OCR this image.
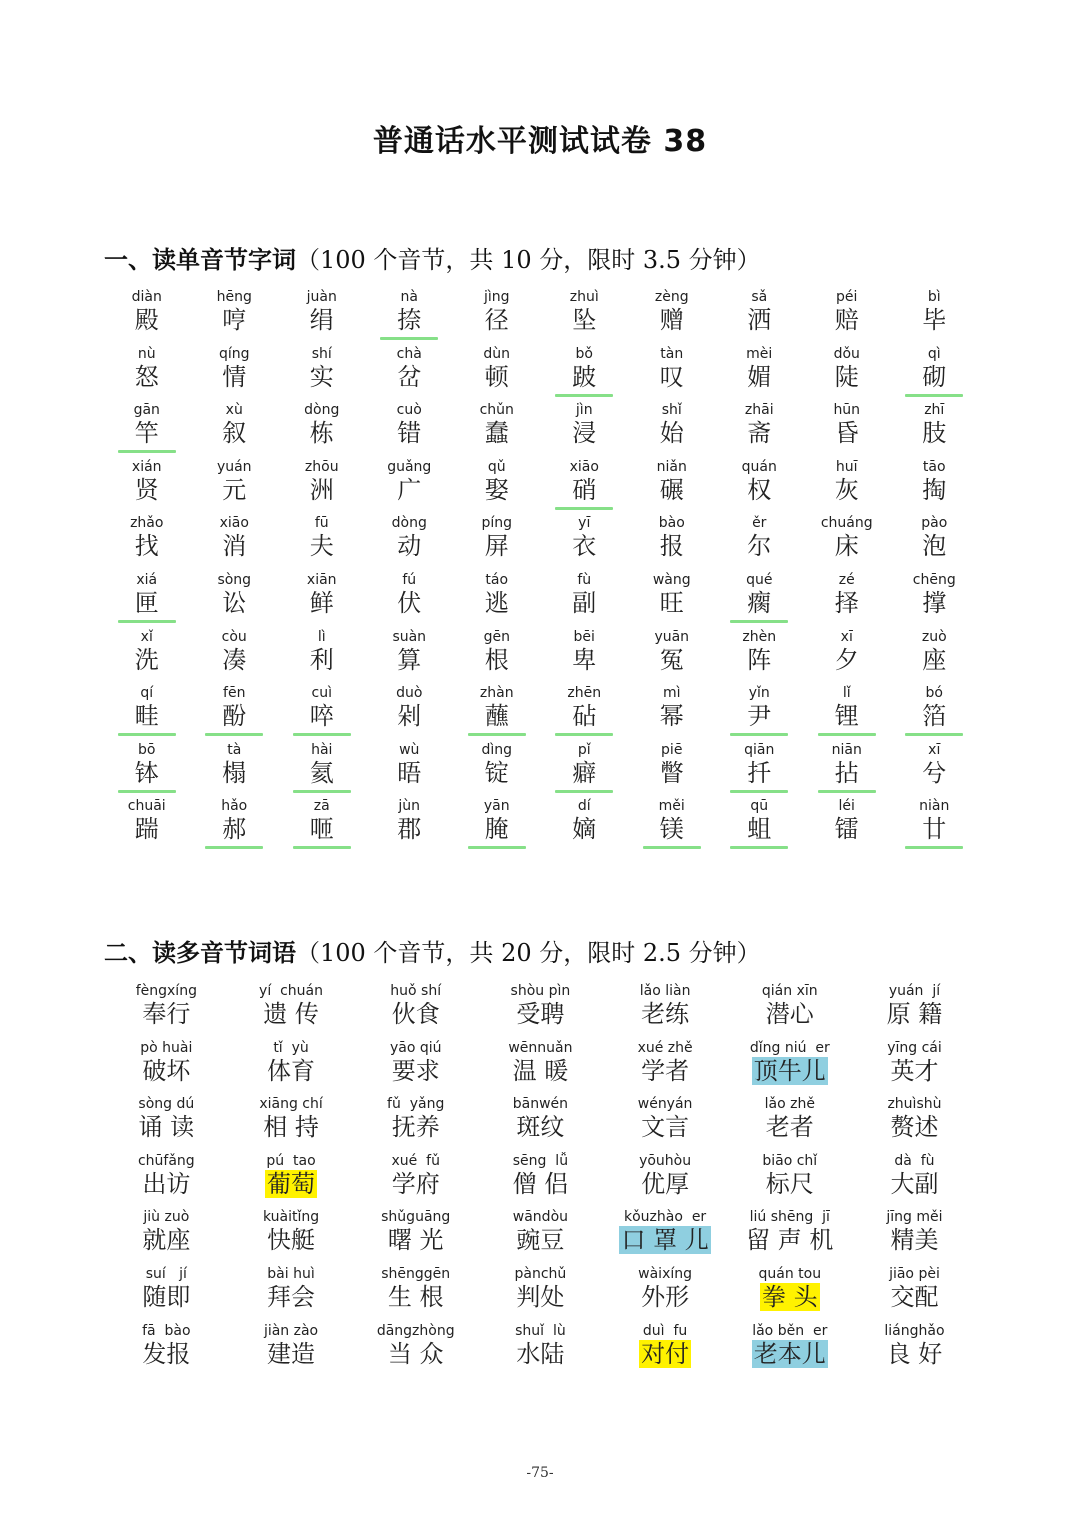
普通话水平测试试卷 38
一、读单音节字词（100 个音节，共 10 分，限时 3.5 分钟）
diàn
殿
hēng
哼
juàn
绢
nà
捺
jìng
径
zhuì
坠
zèng
赠
sǎ
洒
péi
赔
bì
毕
nù
怒
qíng
情
shí
实
chà
岔
dùn
顿
bǒ
跛
tàn
叹
mèi
媚
dǒu
陡
qì
砌
gān
竿
xù
叙
dòng
栋
cuò
错
chǔn
蠢
jìn
浸
shǐ
始
zhāi
斋
hūn
昏
zhī
肢
xián
贤
yuán
元
zhōu
洲
guǎng
广
qǔ
娶
xiāo
硝
niǎn
碾
quán
权
huī
灰
tāo
掏
zhǎo
找
xiāo
消
fū
夫
dòng
动
píng
屏
yī
衣
bào
报
ěr
尔
chuáng
床
pào
泡
xiá
匣
sòng
讼
xiān
鲜
fú
伏
táo
逃
fù
副
wàng
旺
qué
瘸
zé
择
chēng
撑
xǐ
洗
còu
凑
lì
利
suàn
算
gēn
根
bēi
卑
yuān
冤
zhèn
阵
xī
夕
zuò
座
qí
畦
fēn
酚
cuì
啐
duò
剁
zhàn
蘸
zhēn
砧
mì
幂
yǐn
尹
lǐ
锂
bó
箔
bō
钵
tà
榻
hài
氦
wù
晤
dìng
锭
pǐ
癖
piē
瞥
qiān
扦
niān
拈
xī
兮
chuāi
踹
hǎo
郝
zā
咂
jùn
郡
yān
腌
dí
嫡
měi
镁
qū
蛆
léi
镭
niàn
廿
二、读多音节词语（100 个音节，共 20 分，限时 2.5 分钟）
fèngxíng
奉行
yí  chuán
遗 传
huǒ shí
伙食
shòu pìn
受聘
lǎo liàn
老练
qián xīn
潜心
yuán  jí
原 籍
pò huài
破坏
tǐ  yù
体育
yāo qiú
要求
wēnnuǎn
温 暖
xué zhě
学者
dǐng niú  er
顶牛儿
yīng cái
英才
sòng dú
诵 读
xiāng chí
相 持
fǔ  yǎng
抚养
bānwén
斑纹
wényán
文言
lǎo zhě
老者
zhuìshù
赘述
chūfǎng
出访
pú  tao
葡萄
xué  fǔ
学府
sēng  lǚ
僧 侣
yōuhòu
优厚
biāo chǐ
标尺
dà  fù
大副
jiù zuò
就座
kuàitǐng
快艇
shǔguāng
曙 光
wāndòu
豌豆
kǒuzhào  er
口 罩 儿
liú shēng  jī
留 声 机
jīng měi
精美
suí   jí
随即
bài huì
拜会
shēnggēn
生 根
pànchǔ
判处
wàixíng
外形
quán tou
拳 头
jiāo pèi
交配
fā  bào
发报
jiàn zào
建造
dāngzhòng
当 众
shuǐ  lù
水陆
duì  fu
对付
lǎo běn  er
老本儿
liánghǎo
良 好
-75-
